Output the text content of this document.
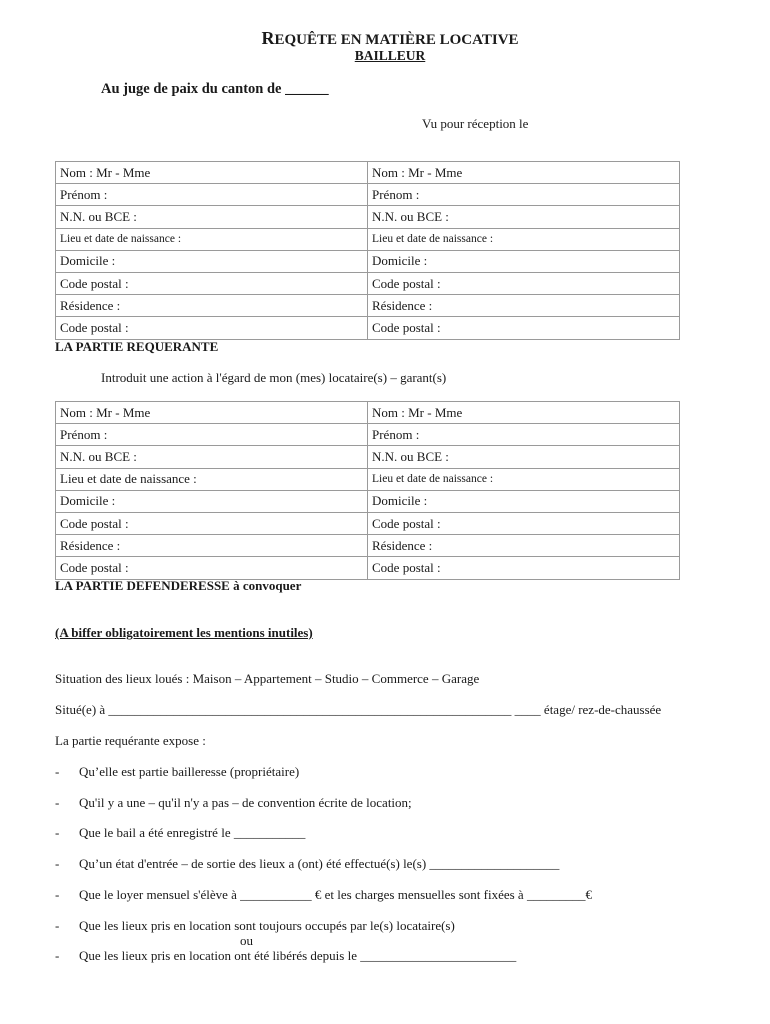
REQUÊTE EN MATIÈRE LOCATIVE
BAILLEUR
Au juge de paix du canton de ______
Vu pour réception le
Nom : Mr - Mme	Nom : Mr - Mme
Prénom :	Prénom :
N.N. ou BCE :	N.N. ou BCE :
Lieu et date de naissance :	Lieu et date de naissance :
Domicile :	Domicile :
Code postal :	Code postal :
Résidence :	Résidence :
Code postal :	Code postal :
LA PARTIE REQUERANTE
Introduit une action à l'égard de mon (mes) locataire(s) – garant(s)
Nom : Mr - Mme	Nom : Mr - Mme
Prénom :	Prénom :
N.N. ou BCE :	N.N. ou BCE :
Lieu et date de naissance :	Lieu et date de naissance :
Domicile :	Domicile :
Code postal :	Code postal :
Résidence :	Résidence :
Code postal :	Code postal :
LA PARTIE DEFENDERESSE à convoquer
(A biffer obligatoirement les mentions inutiles)
Situation des lieux loués : Maison – Appartement – Studio – Commerce – Garage
Situé(e) à ______________________________________________________________ ____ étage/ rez-de-chaussée
La partie requérante expose :
- Qu’elle est partie bailleresse (propriétaire)
- Qu'il y a une – qu'il n'y a pas – de convention écrite de location;
- Que le bail a été enregistré le ___________
- Qu’un état d'entrée – de sortie des lieux a (ont) été effectué(s) le(s) ____________________
- Que le loyer mensuel s'élève à ___________ € et les charges mensuelles sont fixées à _________€
- Que les lieux pris en location sont toujours occupés par le(s) locataire(s)
ou
- Que les lieux pris en location ont été libérés depuis le ________________________
